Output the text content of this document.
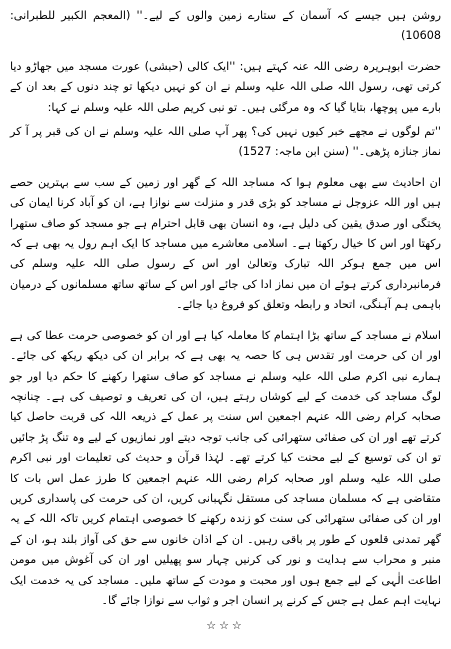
روشن ہیں جیسے کہ آسمان کے ستارے زمین والوں کے لیے۔'' (المعجم الکبیر للطبرانی: 10608)

حضرت ابوہریرہ رضی اللہ عنہ کہتے ہیں: ''ایک کالی (حبشی) عورت مسجد میں جھاڑو دیا کرتی تھی، رسول اللہ صلی اللہ علیہ وسلم نے ان کو نہیں دیکھا تو چند دنوں کے بعد ان کے بارے میں پوچھا، بتایا گیا کہ وہ مرگئی ہیں۔ تو نبی کریم صلی اللہ علیہ وسلم نے کہا:

''تم لوگوں نے مجھے خبر کیوں نہیں کی؟ پھر آپ صلی اللہ علیہ وسلم نے ان کی قبر پر آ کر نماز جنازہ پڑھی۔'' (سنن ابن ماجہ: 1527)

ان احادیث سے بھی معلوم ہوا کہ مساجد اللہ کے گھر اور زمین کے سب سے بہترین حصے ہیں اور اللہ عزوجل نے مساجد کو بڑی قدر و منزلت سے نوازا ہے، ان کو آباد کرنا ایمان کی پختگی اور صدق یقین کی دلیل ہے، وہ انسان بھی قابل احترام ہے جو مسجد کو صاف ستھرا رکھتا اور اس کا خیال رکھتا ہے۔ اسلامی معاشرے میں مساجد کا ایک اہم رول یہ بھی ہے کہ اس میں جمع ہوکر اللہ تبارک وتعالیٰ اور اس کے رسول صلی اللہ علیہ وسلم کی فرمانبرداری کرتے ہوئے ان میں نماز ادا کی جائے اور اس کے ساتھ ساتھ مسلمانوں کے درمیان باہمی ہم آہنگی، اتحاد و رابطہ وتعلق کو فروغ دیا جائے۔

اسلام نے مساجد کے ساتھ بڑا اہتمام کا معاملہ کیا ہے اور ان کو خصوصی حرمت عطا کی ہے اور ان کی حرمت اور تقدس ہی کا حصہ یہ بھی ہے کہ برابر ان کی دیکھ ریکھ کی جائے۔ ہمارے نبی اکرم صلی اللہ علیہ وسلم نے مساجد کو صاف ستھرا رکھنے کا حکم دیا اور جو لوگ مساجد کی خدمت کے لیے کوشاں رہتے ہیں، ان کی تعریف و توصیف کی ہے۔ چنانچہ صحابہ کرام رضی اللہ عنہم اجمعین اس سنت پر عمل کے ذریعہ اللہ کی قربت حاصل کیا کرتے تھے اور ان کی صفائی ستھرائی کی جانب توجہ دیتے اور نمازیوں کے لیے وہ تنگ پڑ جائیں تو ان کی توسیع کے لیے محنت کیا کرتے تھے۔ لہٰذا قرآن و حدیث کی تعلیمات اور نبی اکرم صلی اللہ علیہ وسلم اور صحابہ کرام رضی اللہ عنہم اجمعین کا طرز عمل اس بات کا متقاضی ہے کہ مسلمان مساجد کی مستقل نگہبانی کریں، ان کی حرمت کی پاسداری کریں اور ان کی صفائی ستھرائی کی سنت کو زندہ رکھنے کا خصوصی اہتمام کریں تاکہ اللہ کے یہ گھر تمدنی قلعوں کے طور پر باقی رہیں۔ ان کے اذان خانوں سے حق کی آواز بلند ہو، ان کے منبر و محراب سے ہدایت و نور کی کرنیں چہار سو پھیلیں اور ان کی آغوش میں مومن اطاعت الٰہی کے لیے جمع ہوں اور محبت و مودت کے ساتھ ملیں۔ مساجد کی یہ خدمت ایک نہایت اہم عمل ہے جس کے کرنے پر انسان اجر و ثواب سے نوازا جائے گا۔

☆☆☆
